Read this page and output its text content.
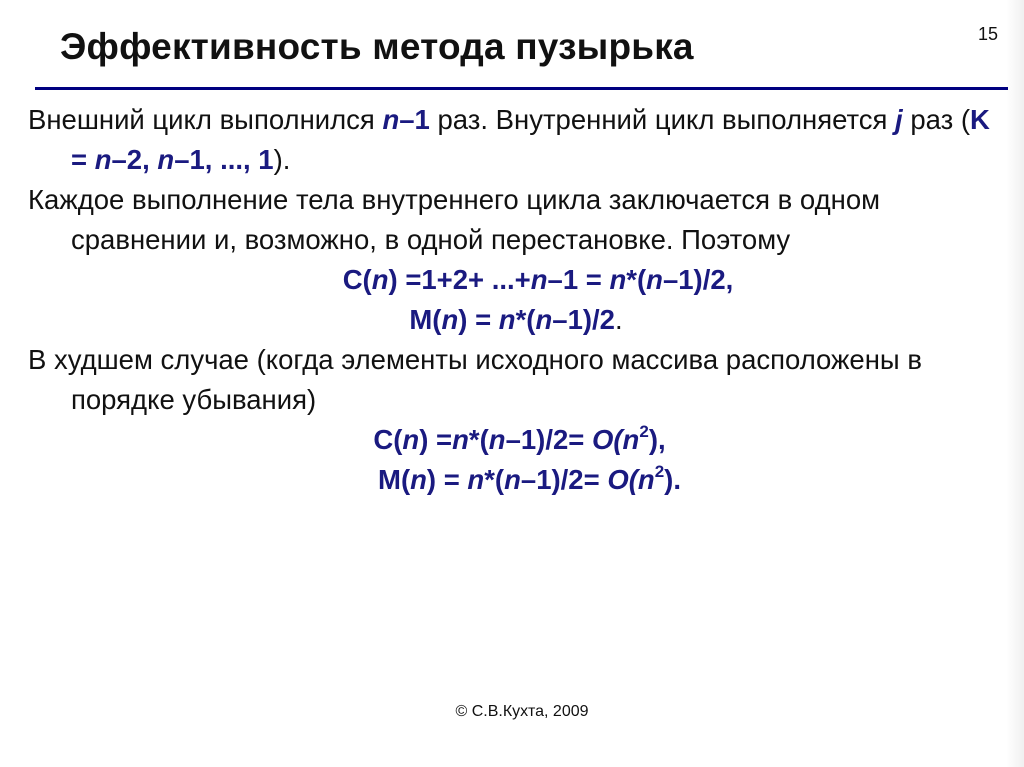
15
Эффективность метода пузырька

Внешний цикл выполнился n–1 раз. Внутренний цикл выполняется j раз (K = n–2, n–1, ..., 1).

Каждое выполнение тела внутреннего цикла заключается в одном сравнении и, возможно, в одной перестановке. Поэтому

C(n) =1+2+ ...+n–1 = n*(n–1)/2,

M(n) = n*(n–1)/2.

В худшем случае (когда элементы исходного массива расположены в порядке убывания)

$C(n) =n*(n-1)/2= O(n^2)$,

$M(n) = n*(n-1)/2= O(n^2)$.

© С.В.Кухта, 2009
